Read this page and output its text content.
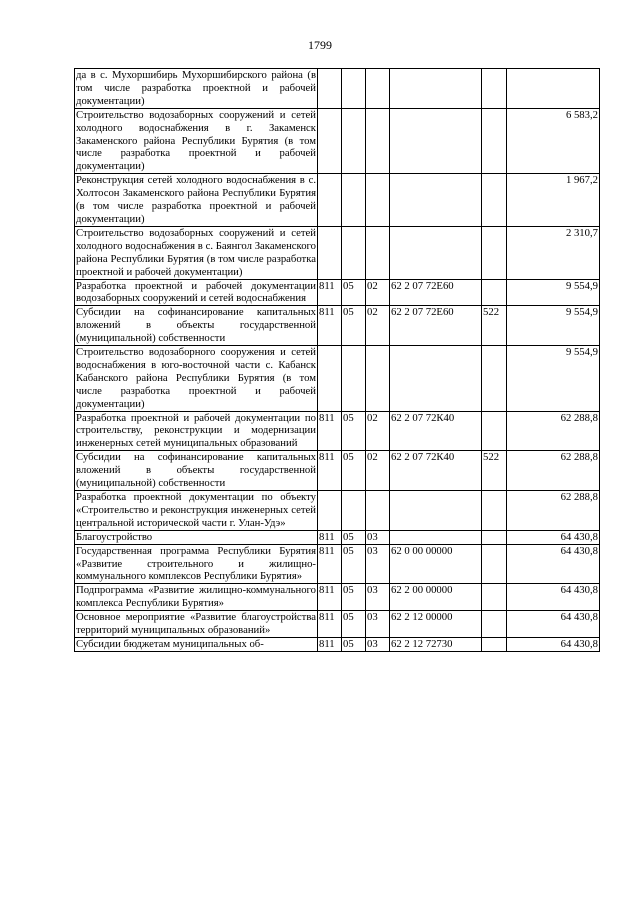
1799
да в с. Мухоршибирь Мухоршибирского района (в том числе разработка проектной и рабочей документации)						
Строительство водозаборных сооружений и сетей холодного водоснабжения в г. Закаменск Закаменского района Республики Бурятия (в том числе разработка проектной и рабочей документации)						6 583,2
Реконструкция сетей холодного водоснабжения в с. Холтосон Закаменского района Республики Бурятия (в том числе разработка проектной и рабочей документации)						1 967,2
Строительство водозаборных сооружений и сетей холодного водоснабжения в с. Баянгол Закаменского района Республики Бурятия (в том числе разработка проектной и рабочей документации)						2 310,7
Разработка проектной и рабочей документации водозаборных сооружений и сетей водоснабжения	811	05	02	62 2 07 72Е60		9 554,9
Субсидии на софинансирование капитальных вложений в объекты государственной (муниципальной) собственности	811	05	02	62 2 07 72Е60	522	9 554,9
Строительство водозаборного сооружения и сетей водоснабжения в юго-восточной части с. Кабанск Кабанского района Республики Бурятия (в том числе разработка проектной и рабочей документации)						9 554,9
Разработка проектной и рабочей документации по строительству, реконструкции и модернизации инженерных сетей муниципальных образований	811	05	02	62 2 07 72К40		62 288,8
Субсидии на софинансирование капитальных вложений в объекты государственной (муниципальной) собственности	811	05	02	62 2 07 72К40	522	62 288,8
Разработка проектной документации по объекту «Строительство и реконструкция инженерных сетей центральной исторической части г. Улан-Удэ»						62 288,8
Благоустройство	811	05	03			64 430,8
Государственная программа Республики Бурятия «Развитие строительного и жилищно-коммунального комплексов Республики Бурятия»	811	05	03	62 0 00 00000		64 430,8
Подпрограмма «Развитие жилищно-коммунального комплекса Республики Бурятия»	811	05	03	62 2 00 00000		64 430,8
Основное мероприятие «Развитие благоустройства территорий муниципальных образований»	811	05	03	62 2 12 00000		64 430,8
Субсидии бюджетам муниципальных об-	811	05	03	62 2 12 72730		64 430,8
